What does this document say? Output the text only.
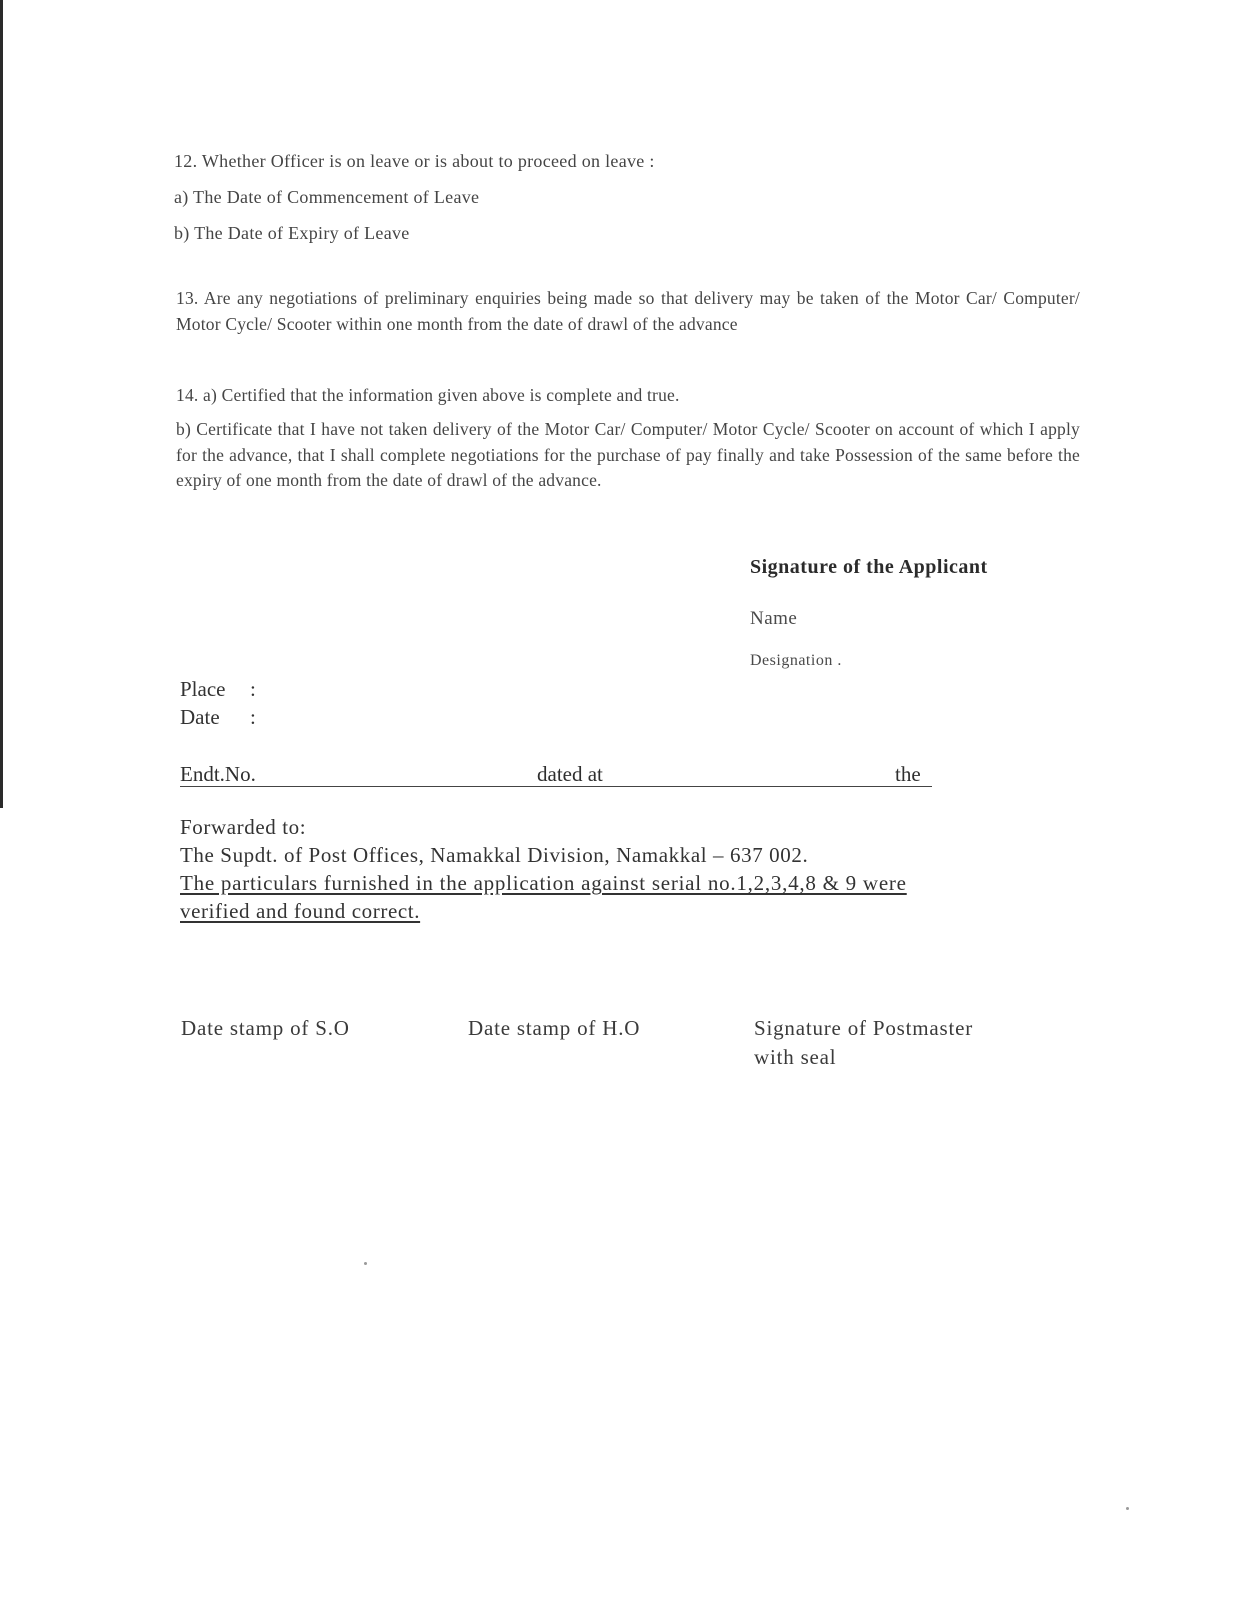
12. Whether Officer is on leave or is about to proceed on leave :
a) The Date of Commencement of Leave
b) The Date of Expiry of Leave
13. Are any negotiations of preliminary enquiries being made so that delivery may be taken of the Motor Car/ Computer/ Motor Cycle/ Scooter within one month from the date of drawl of the advance
14. a) Certified that the information given above is complete and true.
b) Certificate that I have not taken delivery of the Motor Car/ Computer/ Motor Cycle/ Scooter on account of which I apply for the advance, that I shall complete negotiations for the purchase of pay finally and take Possession of the same before the expiry of one month from the date of drawl of the advance.
Signature of the Applicant
Name
Designation .
Place :
Date :
Endt.No.	dated at	the
Forwarded to:
The Supdt. of Post Offices, Namakkal Division, Namakkal – 637 002.
The particulars furnished in the application against serial no.1,2,3,4,8 & 9 were
verified and found correct.
Date stamp of S.O	Date stamp of H.O	Signature of Postmaster
with seal
